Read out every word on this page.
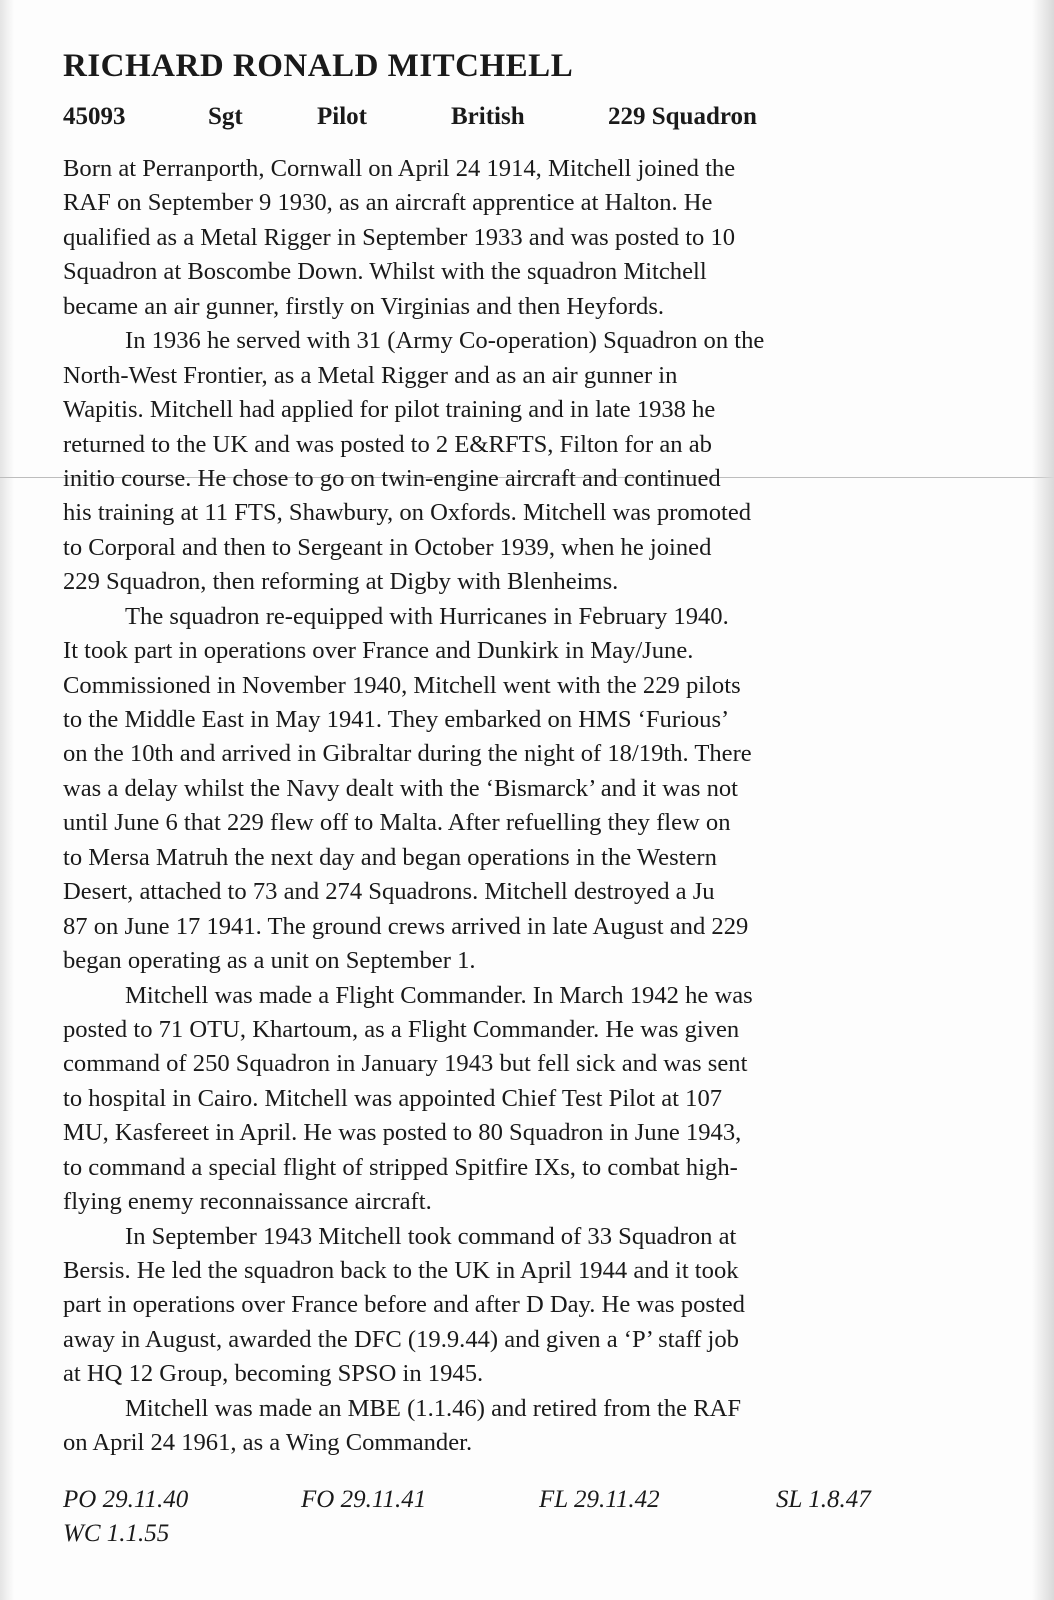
RICHARD RONALD MITCHELL
45093	Sgt	Pilot	British	229 Squadron
Born at Perranporth, Cornwall on April 24 1914, Mitchell joined the
RAF on September 9 1930, as an aircraft apprentice at Halton. He
qualified as a Metal Rigger in September 1933 and was posted to 10
Squadron at Boscombe Down. Whilst with the squadron Mitchell
became an air gunner, firstly on Virginias and then Heyfords.
In 1936 he served with 31 (Army Co-operation) Squadron on the
North-West Frontier, as a Metal Rigger and as an air gunner in
Wapitis. Mitchell had applied for pilot training and in late 1938 he
returned to the UK and was posted to 2 E&RFTS, Filton for an ab
initio course. He chose to go on twin-engine aircraft and continued
his training at 11 FTS, Shawbury, on Oxfords. Mitchell was promoted
to Corporal and then to Sergeant in October 1939, when he joined
229 Squadron, then reforming at Digby with Blenheims.
The squadron re-equipped with Hurricanes in February 1940.
It took part in operations over France and Dunkirk in May/June.
Commissioned in November 1940, Mitchell went with the 229 pilots
to the Middle East in May 1941. They embarked on HMS ‘Furious’
on the 10th and arrived in Gibraltar during the night of 18/19th. There
was a delay whilst the Navy dealt with the ‘Bismarck’ and it was not
until June 6 that 229 flew off to Malta. After refuelling they flew on
to Mersa Matruh the next day and began operations in the Western
Desert, attached to 73 and 274 Squadrons. Mitchell destroyed a Ju
87 on June 17 1941. The ground crews arrived in late August and 229
began operating as a unit on September 1.
Mitchell was made a Flight Commander. In March 1942 he was
posted to 71 OTU, Khartoum, as a Flight Commander. He was given
command of 250 Squadron in January 1943 but fell sick and was sent
to hospital in Cairo. Mitchell was appointed Chief Test Pilot at 107
MU, Kasfereet in April. He was posted to 80 Squadron in June 1943,
to command a special flight of stripped Spitfire IXs, to combat high-
flying enemy reconnaissance aircraft.
In September 1943 Mitchell took command of 33 Squadron at
Bersis. He led the squadron back to the UK in April 1944 and it took
part in operations over France before and after D Day. He was posted
away in August, awarded the DFC (19.9.44) and given a ‘P’ staff job
at HQ 12 Group, becoming SPSO in 1945.
Mitchell was made an MBE (1.1.46) and retired from the RAF
on April 24 1961, as a Wing Commander.
PO 29.11.40	FO 29.11.41	FL 29.11.42	SL 1.8.47
WC 1.1.55
